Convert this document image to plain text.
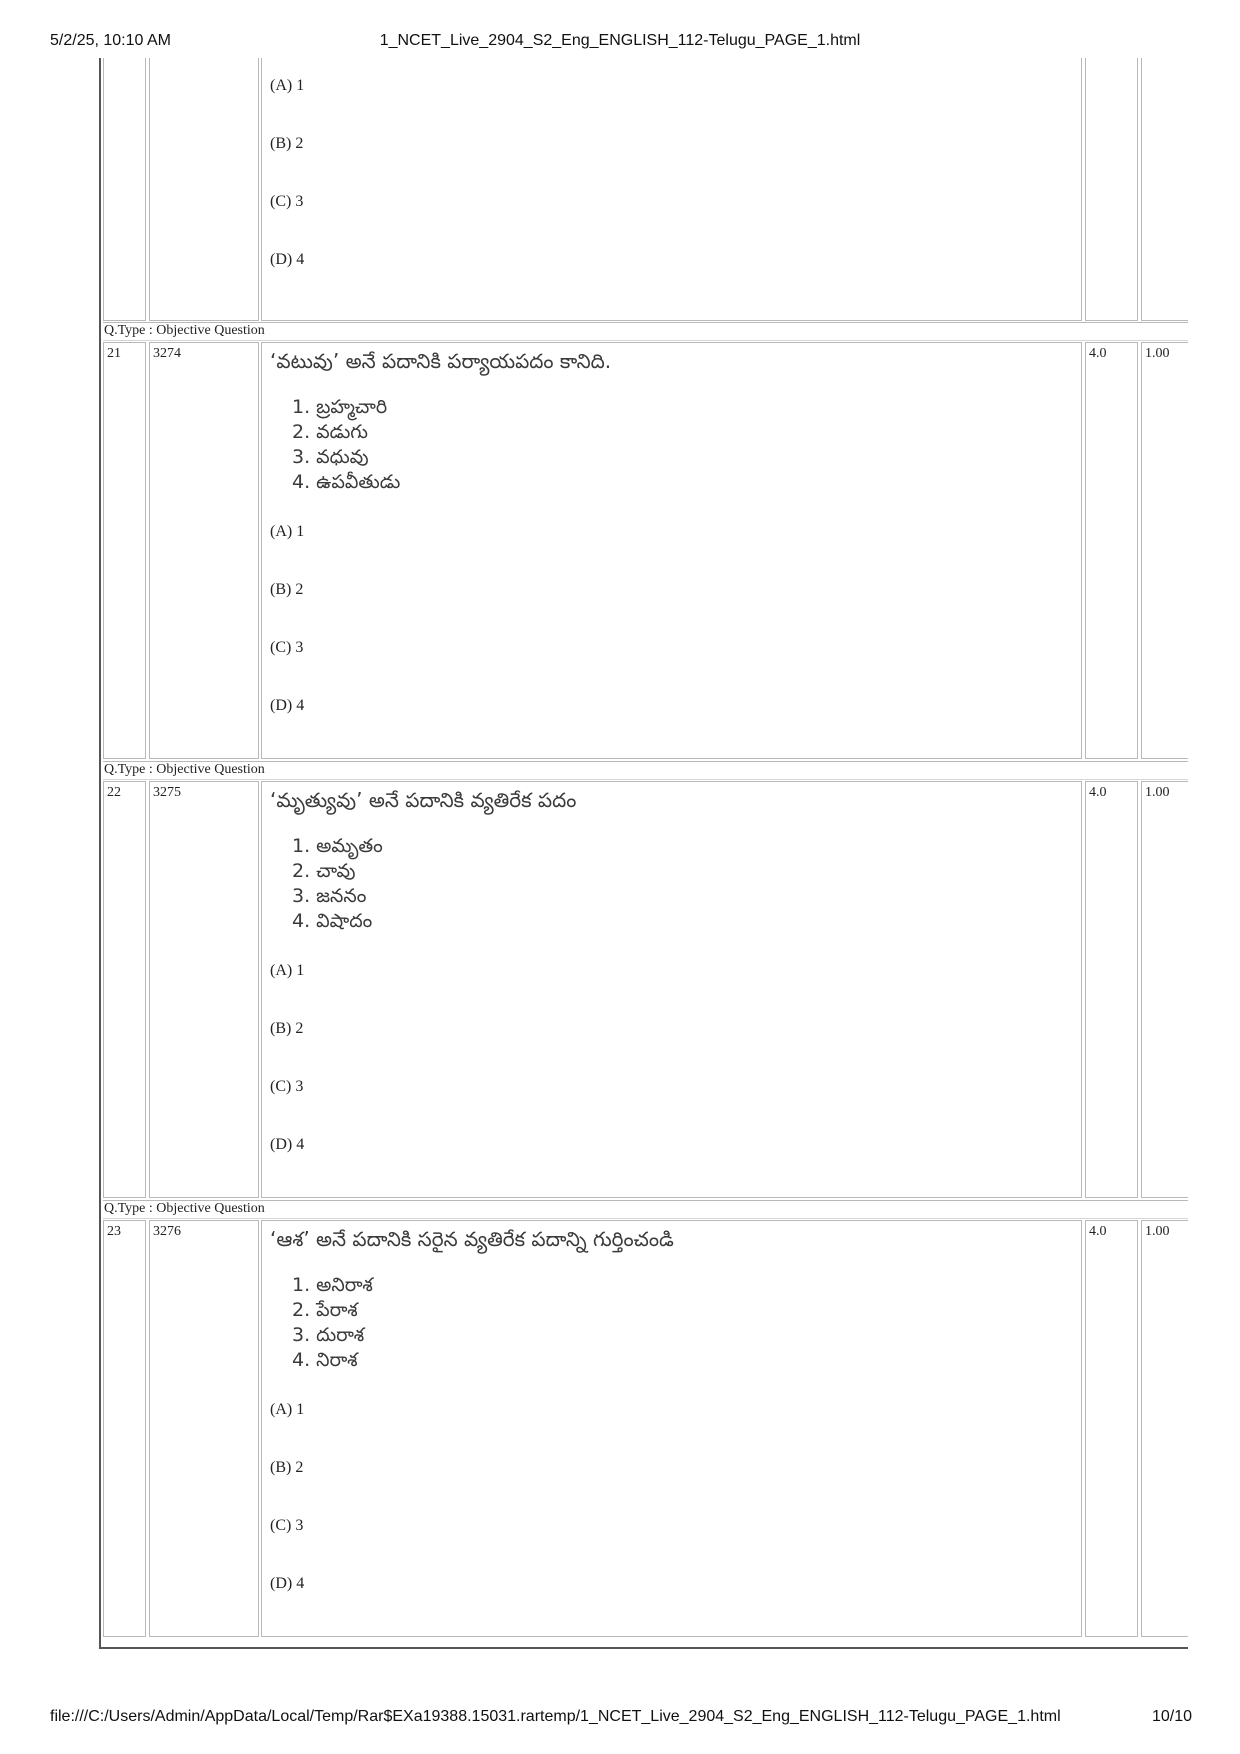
5/2/25, 10:10 AM	1_NCET_Live_2904_S2_Eng_ENGLISH_112-Telugu_PAGE_1.html
(A) 1
(B) 2
(C) 3
(D) 4
Q.Type : Objective Question
21 3274	‘వటువు’ అనే పదానికి పర్యాయపదం కానిది.
1. బ్రహ్మచారి
2. వడుగు
3. వధువు
4. ఉపవీతుడు
(A) 1
(B) 2
(C) 3
(D) 4
4.0	1.00
Q.Type : Objective Question
22 3275	‘మృత్యువు’ అనే పదానికి వ్యతిరేక పదం
1. అమృతం
2. చావు
3. జననం
4. విషాదం
(A) 1
(B) 2
(C) 3
(D) 4
4.0	1.00
Q.Type : Objective Question
23 3276	‘ఆశ’ అనే పదానికి సరైన వ్యతిరేక పదాన్ని గుర్తించండి
1. అనిరాశ
2. పేరాశ
3. దురాశ
4. నిరాశ
(A) 1
(B) 2
(C) 3
(D) 4
4.0	1.00
file:///C:/Users/Admin/AppData/Local/Temp/Rar$EXa19388.15031.rartemp/1_NCET_Live_2904_S2_Eng_ENGLISH_112-Telugu_PAGE_1.html	10/10
